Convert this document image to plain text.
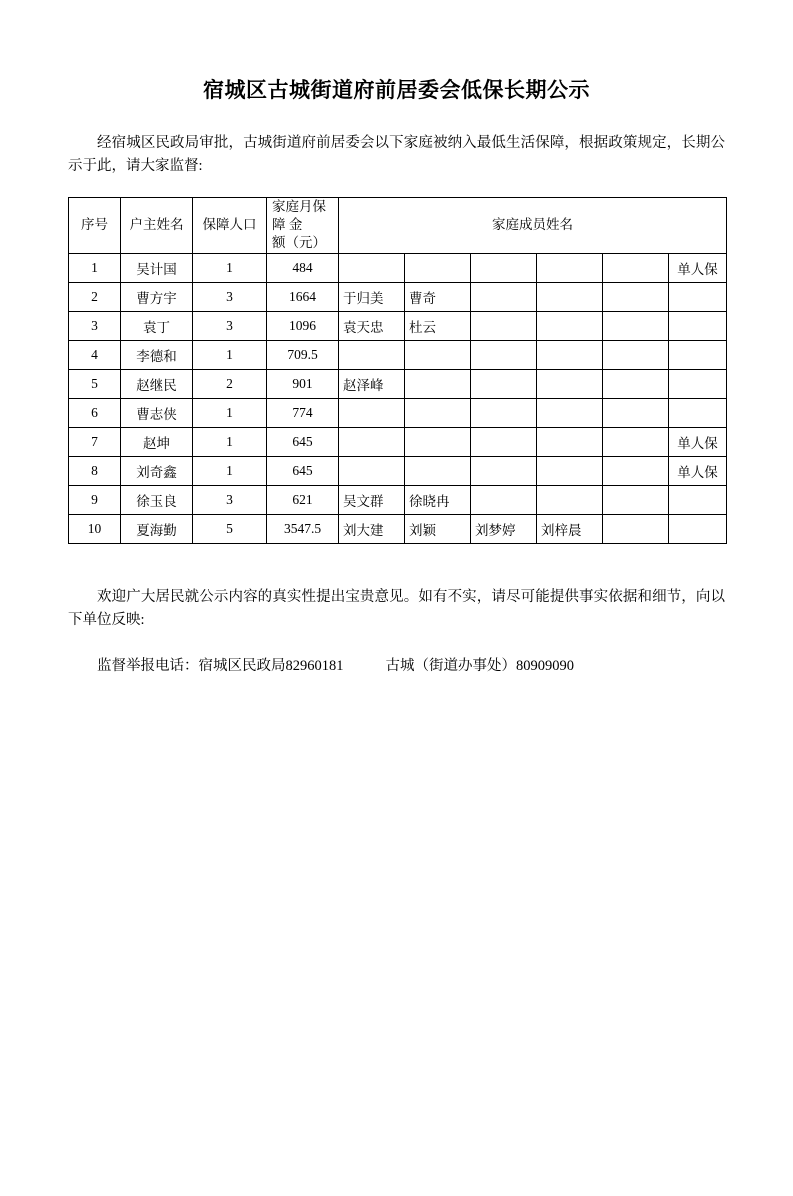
宿城区古城街道府前居委会低保长期公示

经宿城区民政局审批，古城街道府前居委会以下家庭被纳入最低生活保障，根据政策规定，长期公示于此，请大家监督:

序号	户主姓名	保障人口	家庭月保
障 金
额（元）	家庭成员姓名					
1	吴计国	1	484						单人保

2	曹方宇	3	1664	于归美	曹奇				

3	袁丁	3	1096	袁天忠	杜云				

4	李德和	1	709.5	

5	赵继民	2	901	赵泽峰					

6	曹志侠	1	774	

7	赵坤	1	645						单人保

8	刘奇鑫	1	645						单人保

9	徐玉良	3	621	吴文群	徐晓冉				

10	夏海勤	5	3547.5	刘大建	刘颖	刘梦婷	刘梓晨		

欢迎广大居民就公示内容的真实性提出宝贵意见。如有不实，请尽可能提供事实依据和细节，向以下单位反映:

监督举报电话：宿城区民政局82960181	古城（街道办事处）80909090
